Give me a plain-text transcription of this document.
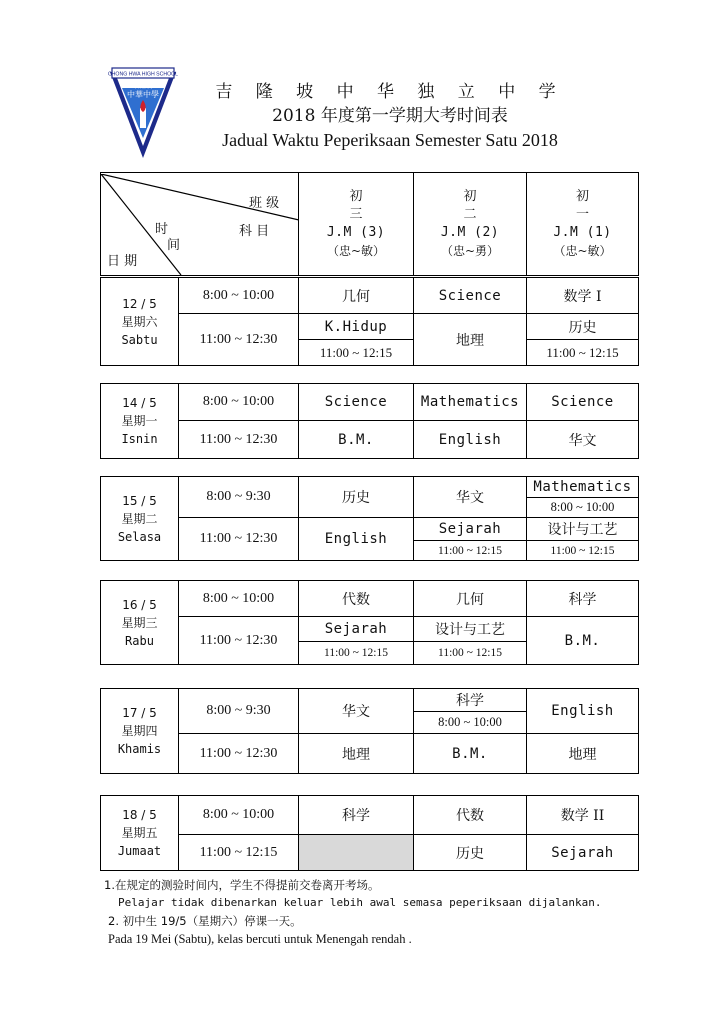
CHONG HWA HIGH SCHOOL
吉隆坡
中華中學	吉 隆 坡 中 华 独 立 中 学
2018 年度第一学期大考时间表
Jadual Waktu Peperiksaan Semester Satu 2018
班 级
科 目
时
间
日 期

初
三
J.M (3)
（忠~敏）

初
二
J.M (2)
（忠~勇）

初
一
J.M (1)
（忠~敏）
12 / 5
星期六
Sabtu	8:00 ~ 10:00	几何	Science	数学 I
	11:00 ~ 12:30	K.Hidup	地理	历史
		11:00 ~ 12:15		11:00 ~ 12:15
14 / 5
星期一
Isnin	8:00 ~ 10:00	Science	Mathematics	Science
	11:00 ~ 12:30	B.M.	English	华文
15 / 5
星期二
Selasa	8:00 ~ 9:30	历史	华文	Mathematics
				8:00 ~ 10:00
	11:00 ~ 12:30	English	Sejarah	设计与工艺
			11:00 ~ 12:15	11:00 ~ 12:15
16 / 5
星期三
Rabu	8:00 ~ 10:00	代数	几何	科学
	11:00 ~ 12:30	Sejarah	设计与工艺	B.M.
		11:00 ~ 12:15	11:00 ~ 12:15	
17 / 5
星期四
Khamis	8:00 ~ 9:30	华文	科学	English
			8:00 ~ 10:00	
	11:00 ~ 12:30	地理	B.M.	地理
18 / 5
星期五
Jumaat	8:00 ~ 10:00	科学	代数	数学 II
	11:00 ~ 12:15		历史	Sejarah
1.在规定的测验时间内，学生不得提前交卷离开考场。
Pelajar tidak dibenarkan keluar lebih awal semasa peperiksaan dijalankan.
2. 初中生 19/5（星期六）停课一天。
Pada 19 Mei (Sabtu), kelas bercuti untuk Menengah rendah .
